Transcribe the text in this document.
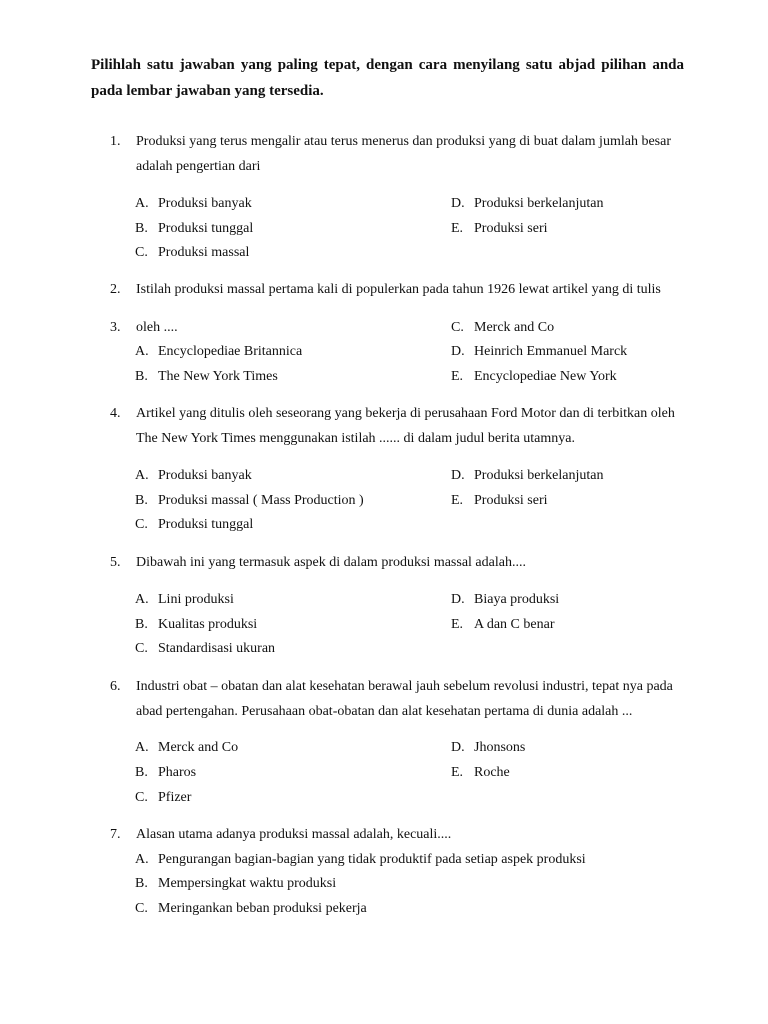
Pilihlah satu jawaban yang paling tepat, dengan cara menyilang satu abjad pilihan anda
pada lembar jawaban yang tersedia.
1. Produksi yang terus mengalir atau terus menerus dan produksi yang di buat dalam jumlah besar
adalah pengertian dari
A. Produksi banyak	D. Produksi berkelanjutan
B. Produksi tunggal	E. Produksi seri
C. Produksi massal
2. Istilah produksi massal pertama kali di populerkan pada tahun 1926 lewat artikel yang di tulis
3. oleh ....	C. Merck and Co
A. Encyclopediae Britannica	D. Heinrich Emmanuel Marck
B. The New York Times	E. Encyclopediae New York
4. Artikel yang ditulis oleh seseorang yang bekerja di perusahaan Ford Motor dan di terbitkan oleh
The New York Times menggunakan istilah ...... di dalam judul berita utamnya.
A. Produksi banyak	D. Produksi berkelanjutan
B. Produksi massal ( Mass Production )	E. Produksi seri
C. Produksi tunggal
5. Dibawah ini yang termasuk aspek di dalam produksi massal adalah....
A. Lini produksi	D. Biaya produksi
B. Kualitas produksi	E. A dan C benar
C. Standardisasi ukuran
6. Industri obat – obatan dan alat kesehatan berawal jauh sebelum revolusi industri, tepat nya pada
abad pertengahan. Perusahaan obat-obatan dan alat kesehatan pertama di dunia adalah ...
A. Merck and Co	D. Jhonsons
B. Pharos	E. Roche
C. Pfizer
7. Alasan utama adanya produksi massal adalah, kecuali....
A. Pengurangan bagian-bagian yang tidak produktif pada setiap aspek produksi
B. Mempersingkat waktu produksi
C. Meringankan beban produksi pekerja
